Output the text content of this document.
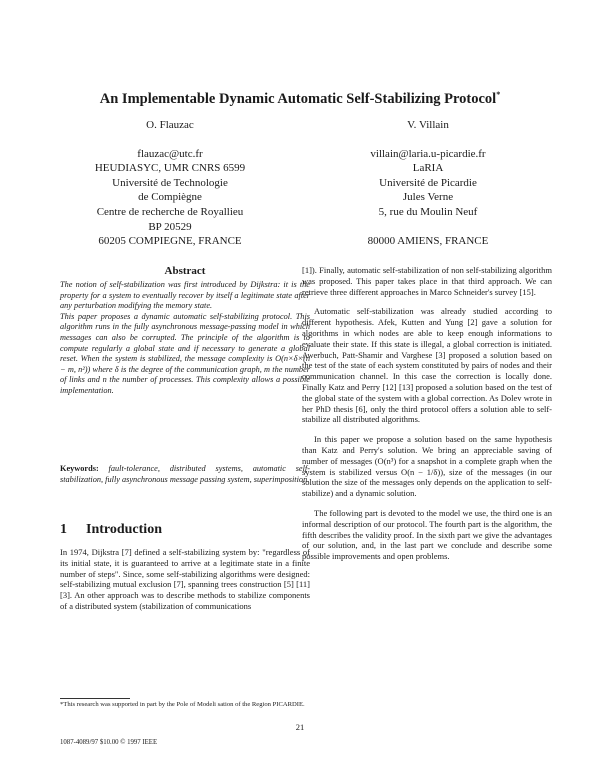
An Implementable Dynamic Automatic Self-Stabilizing Protocol*
O. Flauzac
flauzac@utc.fr
HEUDIASYC, UMR CNRS 6599
Université de Technologie
de Compiègne
Centre de recherche de Royallieu
BP 20529
60205 COMPIEGNE, FRANCE
V. Villain
villain@laria.u-picardie.fr
LaRIA
Université de Picardie
Jules Verne
5, rue du Moulin Neuf
80000 AMIENS, FRANCE
Abstract

The notion of self-stabilization was first introduced by Dijkstra: it is the property for a system to eventually recover by itself a legitimate state after any perturbation modifying the memory state.

This paper proposes a dynamic automatic self-stabilizing protocol. This algorithm runs in the fully asynchronous message-passing model in which messages can also be corrupted. The principle of the algorithm is to compute regularly a global state and if necessary to generate a global reset. When the system is stabilized, the message complexity is O(n×δ×(n − m, n²)) where δ is the degree of the communication graph, m the number of links and n the number of processes. This complexity allows a possible implementation.

Keywords: fault-tolerance, distributed systems, automatic self-stabilization, fully asynchronous message passing system, superimposition.
1 Introduction
In 1974, Dijkstra [7] defined a self-stabilizing system by: "regardless of its initial state, it is guaranteed to arrive at a legitimate state in a finite number of steps". Since, some self-stabilizing algorithms were designed: self-stabilizing mutual exclusion [7], spanning trees construction [5] [11] [3]. An other approach was to describe methods to stabilize components of a distributed system (stabilization of communications
*This research was supported in part by the Pole of Modeli sation of the Region PICARDIE.

[1]). Finally, automatic self-stabilization of non self-stabilizing algorithm was proposed. This paper takes place in that third approach. We can retrieve three different approaches in Marco Schneider's survey [15].

Automatic self-stabilization was already studied according to different hypothesis. Afek, Kutten and Yung [2] gave a solution for algorithms in which nodes are able to keep enough informations to evaluate their state. If this state is illegal, a global correction is initiated. Awerbuch, Patt-Shamir and Varghese [3] proposed a solution based on the test of the state of each system constituted by pairs of nodes and their communication channel. In this case the correction is locally done. Finally Katz and Perry [12] [13] proposed a solution based on the test of the global state of the system with a global correction. As Dolev wrote in her PhD thesis [6], only the third protocol offers a solution able to self-stabilize all distributed algorithms.

In this paper we propose a solution based on the same hypothesis than Katz and Perry's solution. We bring an appreciable saving of number of messages (O(n³) for a snapshot in a complete graph when the system is stabilized versus O(n − 1/δ)), size of the messages (in our solution the size of the messages only depends on the application to self-stabilize) and a dynamic solution.

The following part is devoted to the model we use, the third one is an informal description of our protocol. The fourth part is the algorithm, the fifth describes the validity proof. In the sixth part we give the advantages of our solution, and, in the last part we conclude and describe some possible improvements and open problems.

21
1087-4089/97 $10.00 © 1997 IEEE
